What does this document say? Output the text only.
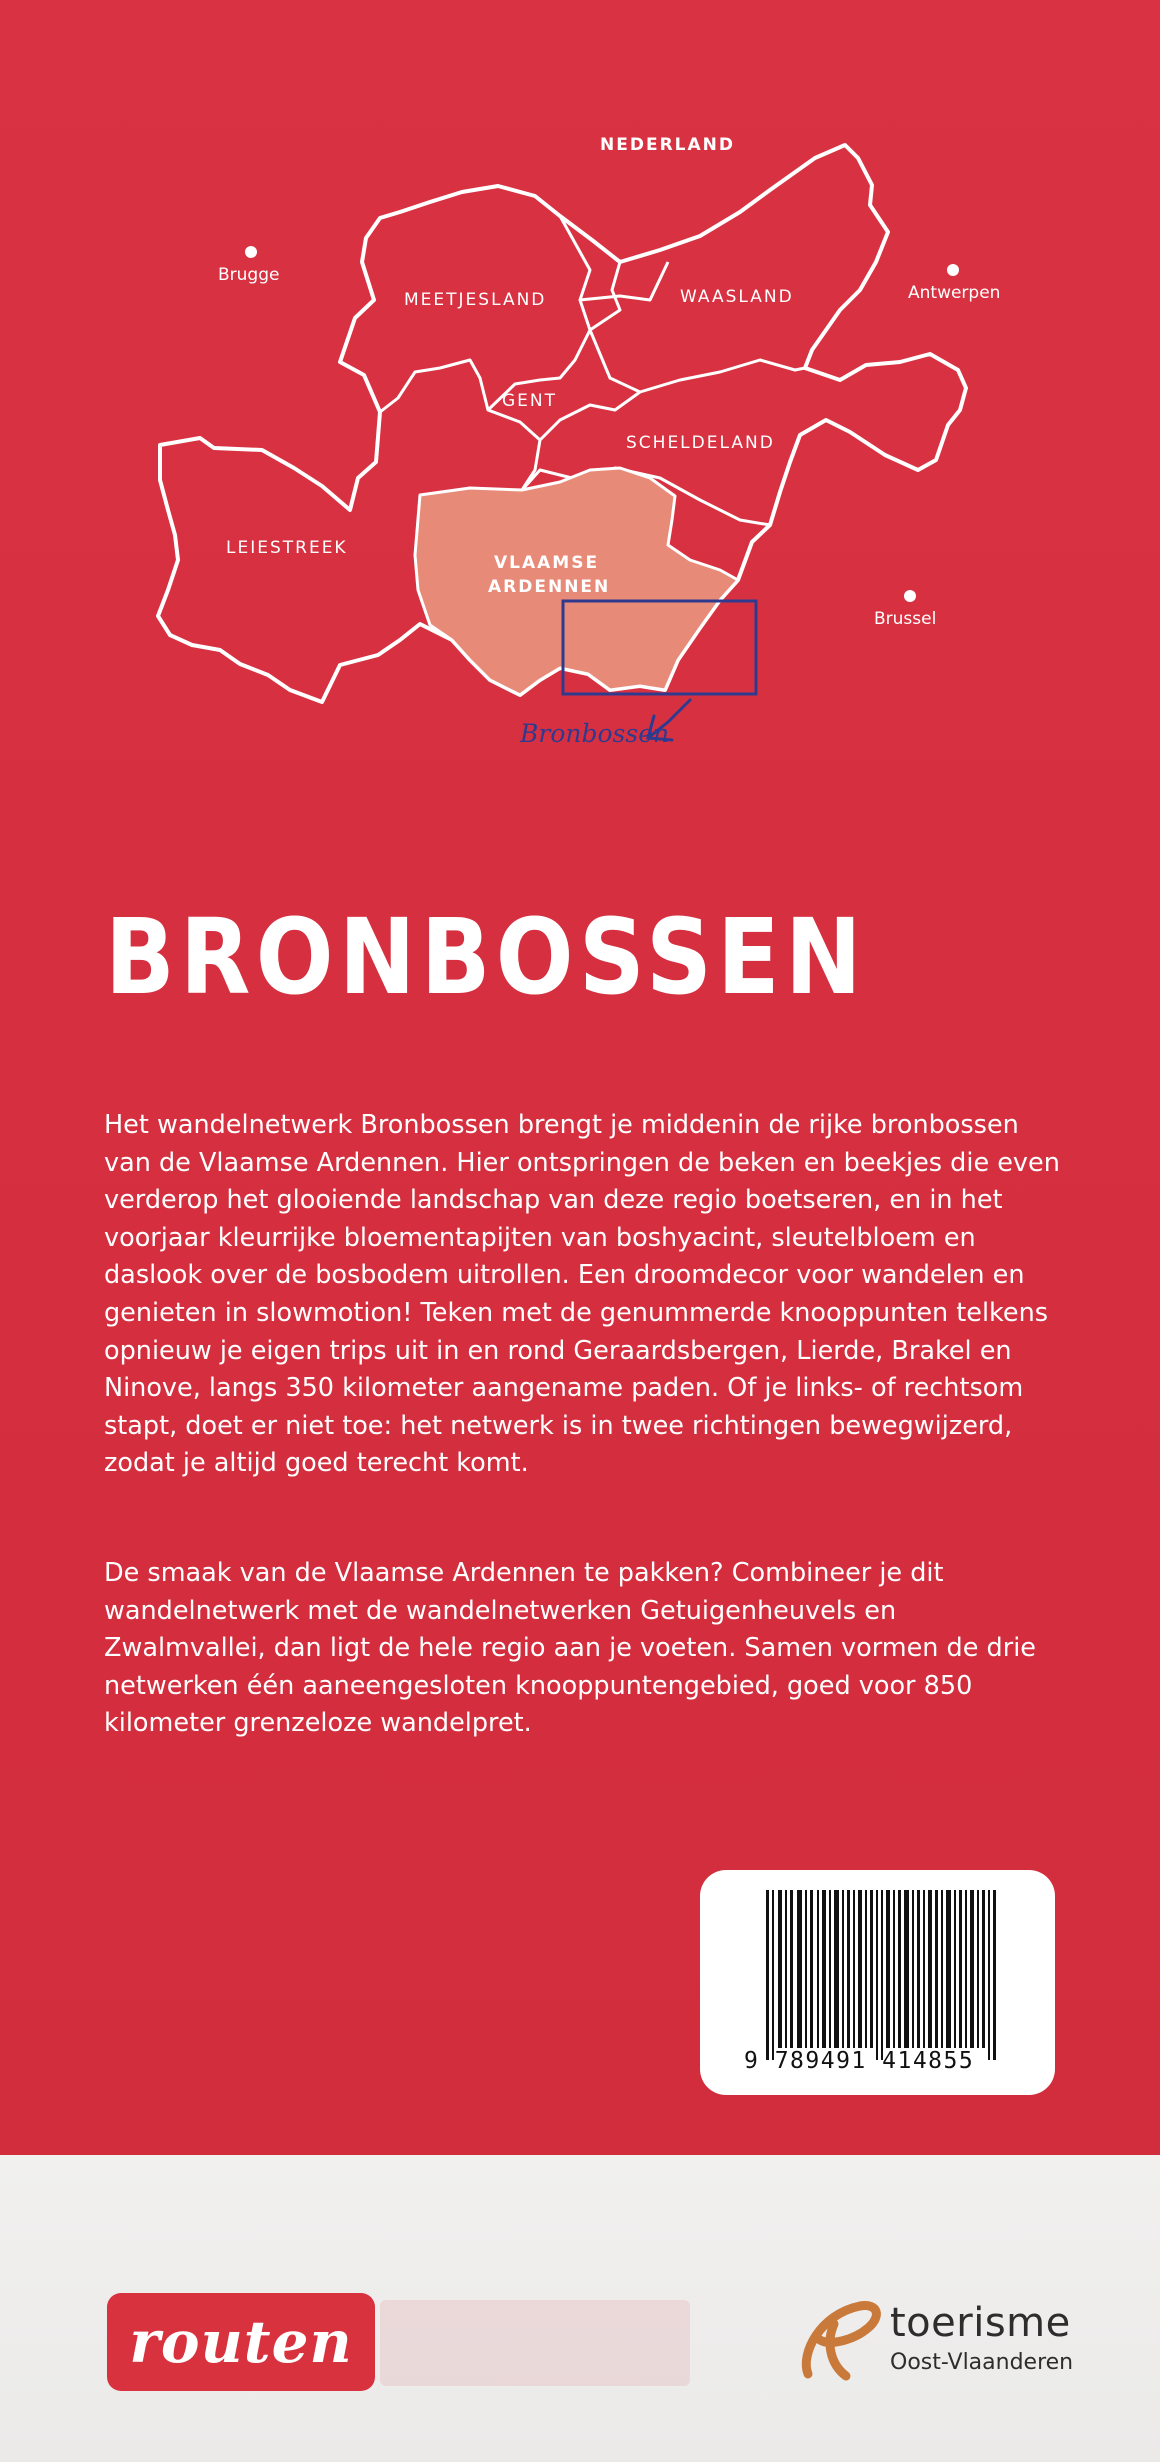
Bronbossen
NEDERLAND
Brugge
Antwerpen
Brussel
MEETJESLAND	WAASLAND
GENT
SCHELDELAND
LEIESTREEK
VLAAMSE
ARDENNEN
BRONBOSSEN

Het wandelnetwerk Bronbossen brengt je middenin de rijke bronbossen van de Vlaamse Ardennen. Hier ontspringen de beken en beekjes die even verderop het glooiende landschap van deze regio boetseren, en in het voorjaar kleurrijke bloementapijten van boshyacint, sleutelbloem en daslook over de bosbodem uitrollen. Een droomdecor voor wandelen en genieten in slowmotion! Teken met de genummerde knooppunten telkens opnieuw je eigen trips uit in en rond Geraardsbergen, Lierde, Brakel en Ninove, langs 350 kilometer aangename paden. Of je links- of rechtsom stapt, doet er niet toe: het netwerk is in twee richtingen bewegwijzerd, zodat je altijd goed terecht komt.

De smaak van de Vlaamse Ardennen te pakken? Combineer je dit wandelnetwerk met de wandelnetwerken Getuigenheuvels en Zwalmvallei, dan ligt de hele regio aan je voeten. Samen vormen de drie netwerken één aaneengesloten knooppuntengebied, goed voor 850 kilometer grenzeloze wandelpret.

9 789491 414855
routen	toerisme
Oost-Vlaanderen
